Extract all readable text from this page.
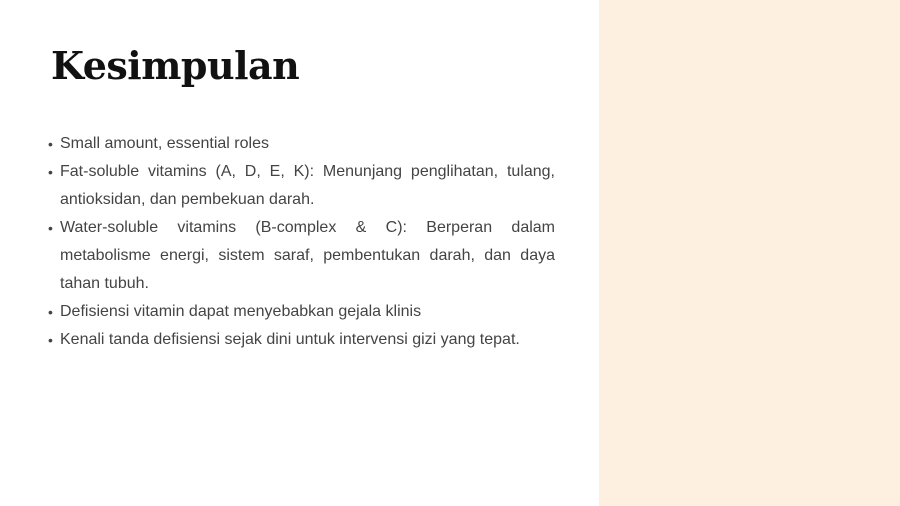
Kesimpulan
• Small amount, essential roles
• Fat-soluble vitamins (A, D, E, K): Menunjang penglihatan, tulang, antioksidan, dan pembekuan darah.
• Water-soluble vitamins (B-complex & C): Berperan dalam metabolisme energi, sistem saraf, pembentukan darah, dan daya tahan tubuh.
• Defisiensi vitamin dapat menyebabkan gejala klinis
• Kenali tanda defisiensi sejak dini untuk intervensi gizi yang tepat.
